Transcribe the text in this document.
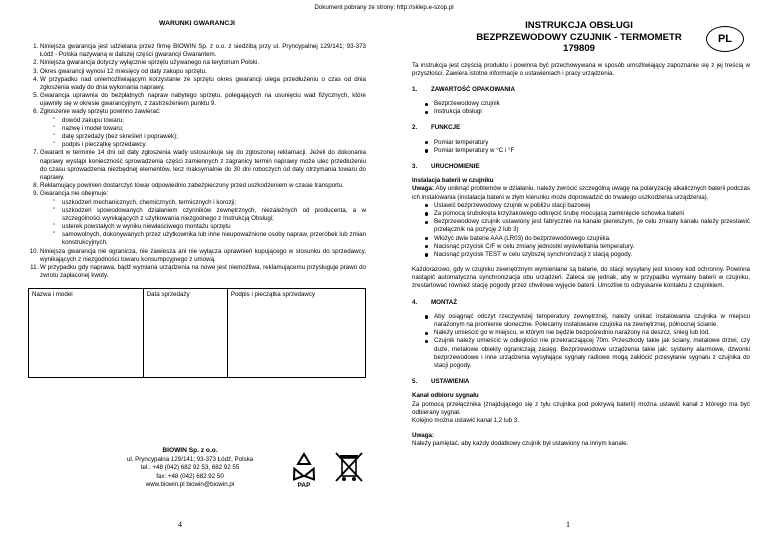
Dokument pobrany ze strony: http://sklep.e-szop.pl
WARUNKI GWARANCJI
1. Niniejsza gwarancja jest udzielana przez firmę BIOWIN Sp. z o.o. z siedzibą przy ul. Pryncypalnej 129/141; 93-373 Łódź - Polska nazywaną w dalszej części gwarancji Gwarantem.
2. Niniejsza gwarancja dotyczy wyłącznie sprzętu używanego na terytorium Polski.
3. Okres gwarancji wynosi 12 miesięcy od daty zakupu sprzętu.
4. W przypadku nad uniemożliwiającym korzystanie ze sprzętu okres gwarancji ulega przedłużeniu o czas od dnia zgłoszenia wady do dnia wykonania naprawy.
5. Gwarancja uprawnia do bezpłatnych napraw nabytego sprzętu, polegających na usunięciu wad fizycznych, które ujawniły się w okresie gwarancyjnym, z zastrzeżeniem punktu 9.
6. Zgłoszenie wady sprzętu powinno zawierać:
▫ dowód zakupu towaru;
▫ nazwę i model towaru;
▫ datę sprzedaży (bez skreśleń i poprawek);
▫ podpis i pieczątkę sprzedawcy.
7. Gwarant w terminie 14 dni od daty zgłoszenia wady ustosunkuje się do zgłoszonej reklamacji. Jeżeli do dokonania naprawy wystąpi konieczność sprowadzenia części zamiennych z zagranicy termin naprawy może ulec przedłużeniu do czasu sprowadzenia niezbędnej elementów, lecz maksymalnie do 30 dni roboczych od daty otrzymania towaru do naprawy.
8. Reklamujący powinien dostarczyć towar odpowiednio zabezpieczony przed uszkodzeniem w czasie transportu.
9. Gwarancja nie obejmuje:
▫ uszkodzeń mechanicznych, chemicznych, termicznych i korozji;
▫ uszkodzeń spowodowanych działaniem czynników zewnętrznych, niezależnych od producenta, a w szczególności wynikających z użytkowania niezgodnego z Instrukcją Obsługi;
▫ usterek powstałych w wyniku niewłaściwego montażu sprzętu
▫ samowolnych, dokonywanych przez użytkownika lub inne nieupoważnione osoby napraw, przeróbek lub zmian konstrukcyjnych.
10. Niniejsza gwarancja nie ogranicza, nie zawiesza ani nie wyłącza uprawnień kupującego w stosunku do sprzedawcy, wynikających z niezgodności towaru konsumpcyjnego z umową.
11. W przypadku gdy naprawa, bądź wymiana urządzenia na nowe jest niemożliwa, reklamującemu przysługuje prawo do zwrotu zapłaconej kwoty.
Nazwa i model	Data sprzedaży	Podpis i pieczątka sprzedawcy
BIOWIN Sp. z o.o.
ul. Pryncypalna 129/141; 93-373 Łódź, Polska
tel.: +48 (042) 682 92 53, 682 92 55
fax: +48 (042) 682 92 50
www.biowin.pl biowin@biowin.pl	PAP
4
INSTRUKCJA OBSŁUGI
BEZPRZEWODOWY CZUJNIK - TERMOMETR
179809
PL

Ta instrukcja jest częścią produktu i powinna być przechowywana w sposób umożliwiający zapoznanie się z jej treścią w przyszłości. Zawiera istotne informacje o ustawieniach i pracy urządzenia.

1.	ZAWARTOŚĆ OPAKOWANIA
Bezprzewodowy czujnik
Instrukcja obsługi
2.	FUNKCJE
Pomiar temperatury
Pomiar temperatury w °C i °F
3.	URUCHOMIENIE

Instalacja baterii w czujniku

Uwaga: Aby uniknąć problemów w działaniu, należy zwrócić szczególną uwagę na polaryzację alkalicznych baterii podczas ich instalowania (instalacja baterii w złym kierunku może doprowadzić do trwałego uszkodzenia urządzenia).

Ustawić bezprzewodowy czujnik w pobliżu stacji bazowej
Za pomocą śrubokręta krzyżakowego odkręcić śrubę mocującą zamknięcie schowka baterii
Bezprzewodowy czujnik ustawiony jest fabrycznie na kanale pierwszym, (w celu zmiany kanału należy przestawić przełącznik na pozycję 2 lub 3)
Włożyć dwie baterie AAA (LR03) do bezprzewodowego czujnika.
Nacisnąć przycisk C/F w celu zmiany jednostki wyświetlania temperatury.
Nacisnąć przycisk TEST w celu szybszej synchronizacji z stacją pogody.

Każdorazowo, gdy w czujniku zewnętrznym wymieniane są baterie, do stacji wysyłany jest losowy kod ochronny. Powinna nastąpić automatyczna synchronizacja obu urządzeń. Zaleca się jednak, aby w przypadku wymiany baterii w czujniku, zrestartować również stację pogody przez chwilowe wyjęcie baterii. Umożliwi to odzyskanie kontaktu z czujnikiem.

4.	MONTAŻ
Aby osiągnąć odczyt rzeczywistej temperatury zewnętrznej, należy unikać instalowania czujnika w miejscu narażonym na promienie słoneczne. Polecamy instalowanie czujnika na zewnętrznej, północnej ścianie.
Należy umieścić go w miejscu, w którym nie będzie bezpośrednio narażony na deszcz, śnieg lub lód.
Czujnik należy umieścić w odległości nie przekraczającej 70m. Przeszkody takie jak ściany, metalowe drzwi, czy duże, metalowe obiekty ograniczają zasięg. Bezprzewodowe urządzenia takie jak: systemy alarmowe, dzwonki bezprzewodowe i inne urządzenia wysyłające sygnały radiowe mogą zakłócić przesyłanie sygnału z czujnika do stacji pogody.
5.	USTAWIENIA

Kanał odbioru sygnału

Za pomocą przełącznika (znajdującego się z tyłu czujnika pod pokrywą baterii) można ustawić kanał z którego ma być odbierany sygnał.

Kolejno można ustawić kanał 1,2 lub 3.

Uwaga:

Należy pamiętać, aby każdy dodatkowy czujnik był ustawiony na innym kanale.

1
